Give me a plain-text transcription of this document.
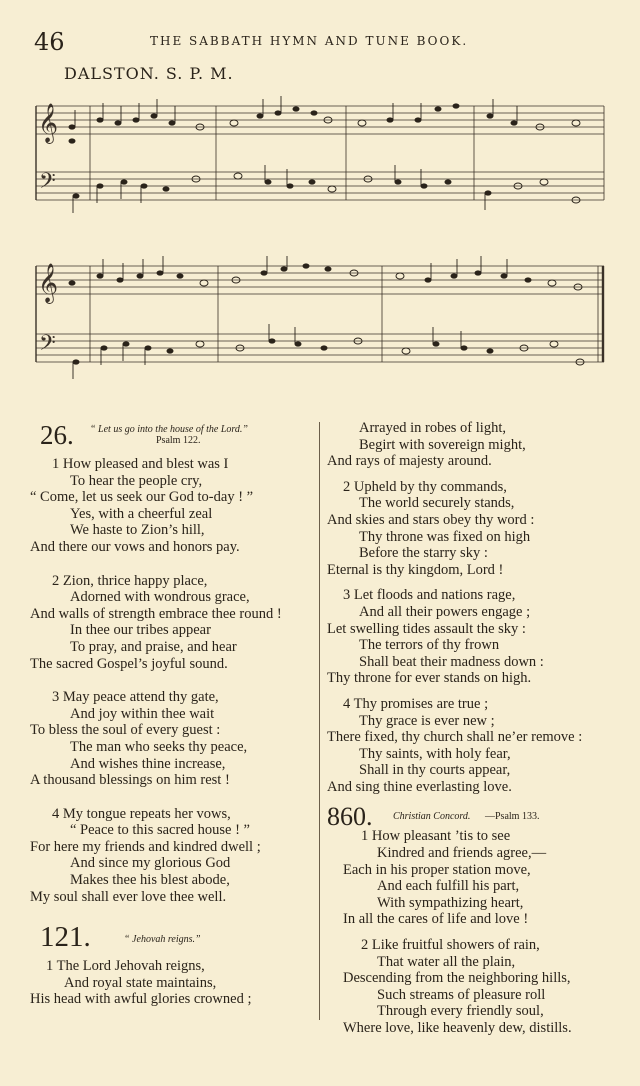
46	THE SABBATH HYMN AND TUNE BOOK.
DALSTON. S. P. M.
𝄞
𝄢
𝄞
𝄢
26. “ Let us go into the house of the Lord.”
Psalm 122.
1 How pleased and blest was I
To hear the people cry,
“ Come, let us seek our God to-day ! ”
Yes, with a cheerful zeal
We haste to Zion’s hill,
And there our vows and honors pay.
2 Zion, thrice happy place,
Adorned with wondrous grace,
And walls of strength embrace thee round !
In thee our tribes appear
To pray, and praise, and hear
The sacred Gospel’s joyful sound.
3 May peace attend thy gate,
And joy within thee wait
To bless the soul of every guest :
The man who seeks thy peace,
And wishes thine increase,
A thousand blessings on him rest !
4 My tongue repeats her vows,
“ Peace to this sacred house ! ”
For here my friends and kindred dwell ;
And since my glorious God
Makes thee his blest abode,
My soul shall ever love thee well.
121.	“ Jehovah reigns.”
1 The Lord Jehovah reigns,
And royal state maintains,
His head with awful glories crowned ;
Arrayed in robes of light,
Begirt with sovereign might,
And rays of majesty around.
2 Upheld by thy commands,
The world securely stands,
And skies and stars obey thy word :
Thy throne was fixed on high
Before the starry sky :
Eternal is thy kingdom, Lord !
3 Let floods and nations rage,
And all their powers engage ;
Let swelling tides assault the sky :
The terrors of thy frown
Shall beat their madness down :
Thy throne for ever stands on high.
4 Thy promises are true ;
Thy grace is ever new ;
There fixed, thy church shall ne’er remove :
Thy saints, with holy fear,
Shall in thy courts appear,
And sing thine everlasting love.
860. Christian Concord. —Psalm 133.
1 How pleasant ’tis to see
Kindred and friends agree,—
Each in his proper station move,
And each fulfill his part,
With sympathizing heart,
In all the cares of life and love !
2 Like fruitful showers of rain,
That water all the plain,
Descending from the neighboring hills,
Such streams of pleasure roll
Through every friendly soul,
Where love, like heavenly dew, distills.
